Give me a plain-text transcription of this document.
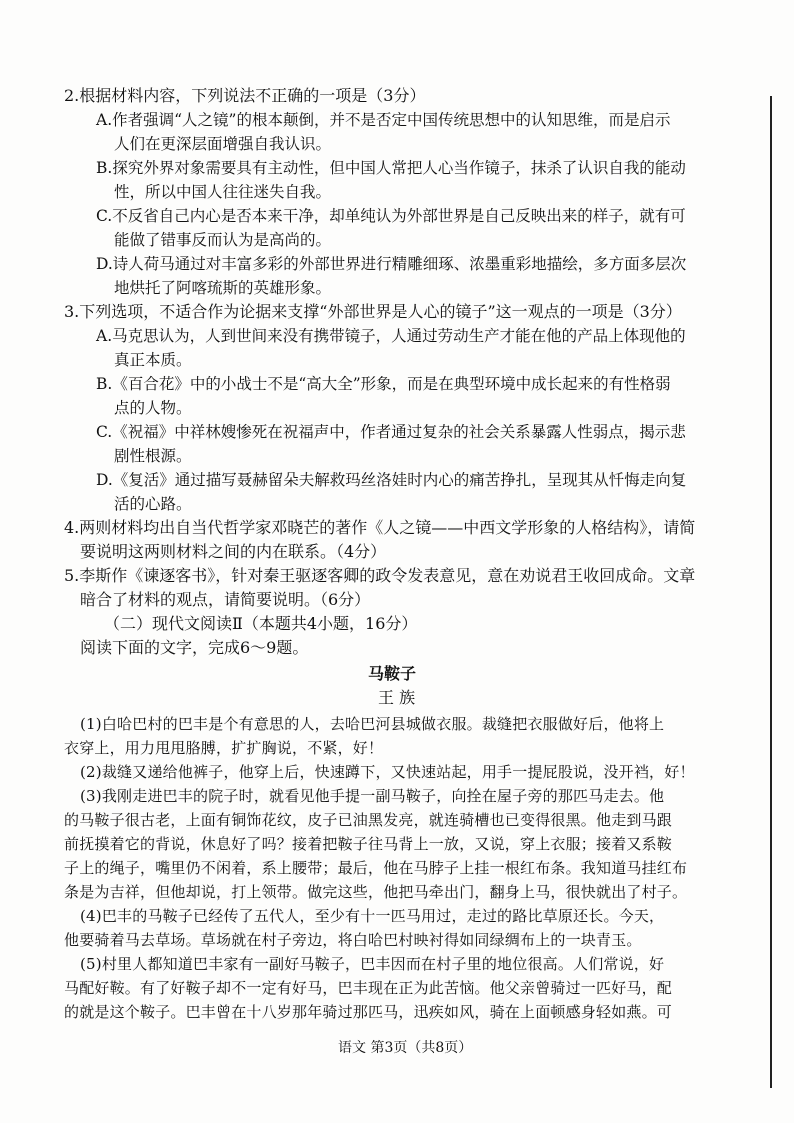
2.根据材料内容，下列说法不正确的一项是（3分）
A.作者强调“人之镜”的根本颠倒，并不是否定中国传统思想中的认知思维，而是启示
人们在更深层面增强自我认识。
B.探究外界对象需要具有主动性，但中国人常把人心当作镜子，抹杀了认识自我的能动
性，所以中国人往往迷失自我。
C.不反省自己内心是否本来干净，却单纯认为外部世界是自己反映出来的样子，就有可
能做了错事反而认为是高尚的。
D.诗人荷马通过对丰富多彩的外部世界进行精雕细琢、浓墨重彩地描绘，多方面多层次
地烘托了阿喀琉斯的英雄形象。
3.下列选项，不适合作为论据来支撑“外部世界是人心的镜子”这一观点的一项是（3分）
A.马克思认为，人到世间来没有携带镜子，人通过劳动生产才能在他的产品上体现他的
真正本质。
B.《百合花》中的小战士不是“高大全”形象，而是在典型环境中成长起来的有性格弱
点的人物。
C.《祝福》中祥林嫂惨死在祝福声中，作者通过复杂的社会关系暴露人性弱点，揭示悲
剧性根源。
D.《复活》通过描写聂赫留朵夫解救玛丝洛娃时内心的痛苦挣扎，呈现其从忏悔走向复
活的心路。
4.两则材料均出自当代哲学家邓晓芒的著作《人之镜——中西文学形象的人格结构》，请简
要说明这两则材料之间的内在联系。（4分）
5.李斯作《谏逐客书》，针对秦王驱逐客卿的政令发表意见，意在劝说君王收回成命。文章
暗合了材料的观点，请简要说明。（6分）
（二）现代文阅读Ⅱ（本题共4小题，16分）
阅读下面的文字，完成6～9题。
马鞍子
王 族
(1)白哈巴村的巴丰是个有意思的人，去哈巴河县城做衣服。裁缝把衣服做好后，他将上
衣穿上，用力甩甩胳膊，扩扩胸说，不紧，好！
(2)裁缝又递给他裤子，他穿上后，快速蹲下，又快速站起，用手一提屁股说，没开裆，好！
(3)我刚走进巴丰的院子时，就看见他手提一副马鞍子，向拴在屋子旁的那匹马走去。他
的马鞍子很古老，上面有铜饰花纹，皮子已油黑发亮，就连骑槽也已变得很黑。他走到马跟
前抚摸着它的背说，休息好了吗？接着把鞍子往马背上一放，又说，穿上衣服；接着又系鞍
子上的绳子，嘴里仍不闲着，系上腰带；最后，他在马脖子上挂一根红布条。我知道马挂红布
条是为吉祥，但他却说，打上领带。做完这些，他把马牵出门，翻身上马，很快就出了村子。
(4)巴丰的马鞍子已经传了五代人，至少有十一匹马用过，走过的路比草原还长。今天，
他要骑着马去草场。草场就在村子旁边，将白哈巴村映衬得如同绿绸布上的一块青玉。
(5)村里人都知道巴丰家有一副好马鞍子，巴丰因而在村子里的地位很高。人们常说，好
马配好鞍。有了好鞍子却不一定有好马，巴丰现在正为此苦恼。他父亲曾骑过一匹好马，配
的就是这个鞍子。巴丰曾在十八岁那年骑过那匹马，迅疾如风，骑在上面顿感身轻如燕。可
语文 第3页（共8页）
